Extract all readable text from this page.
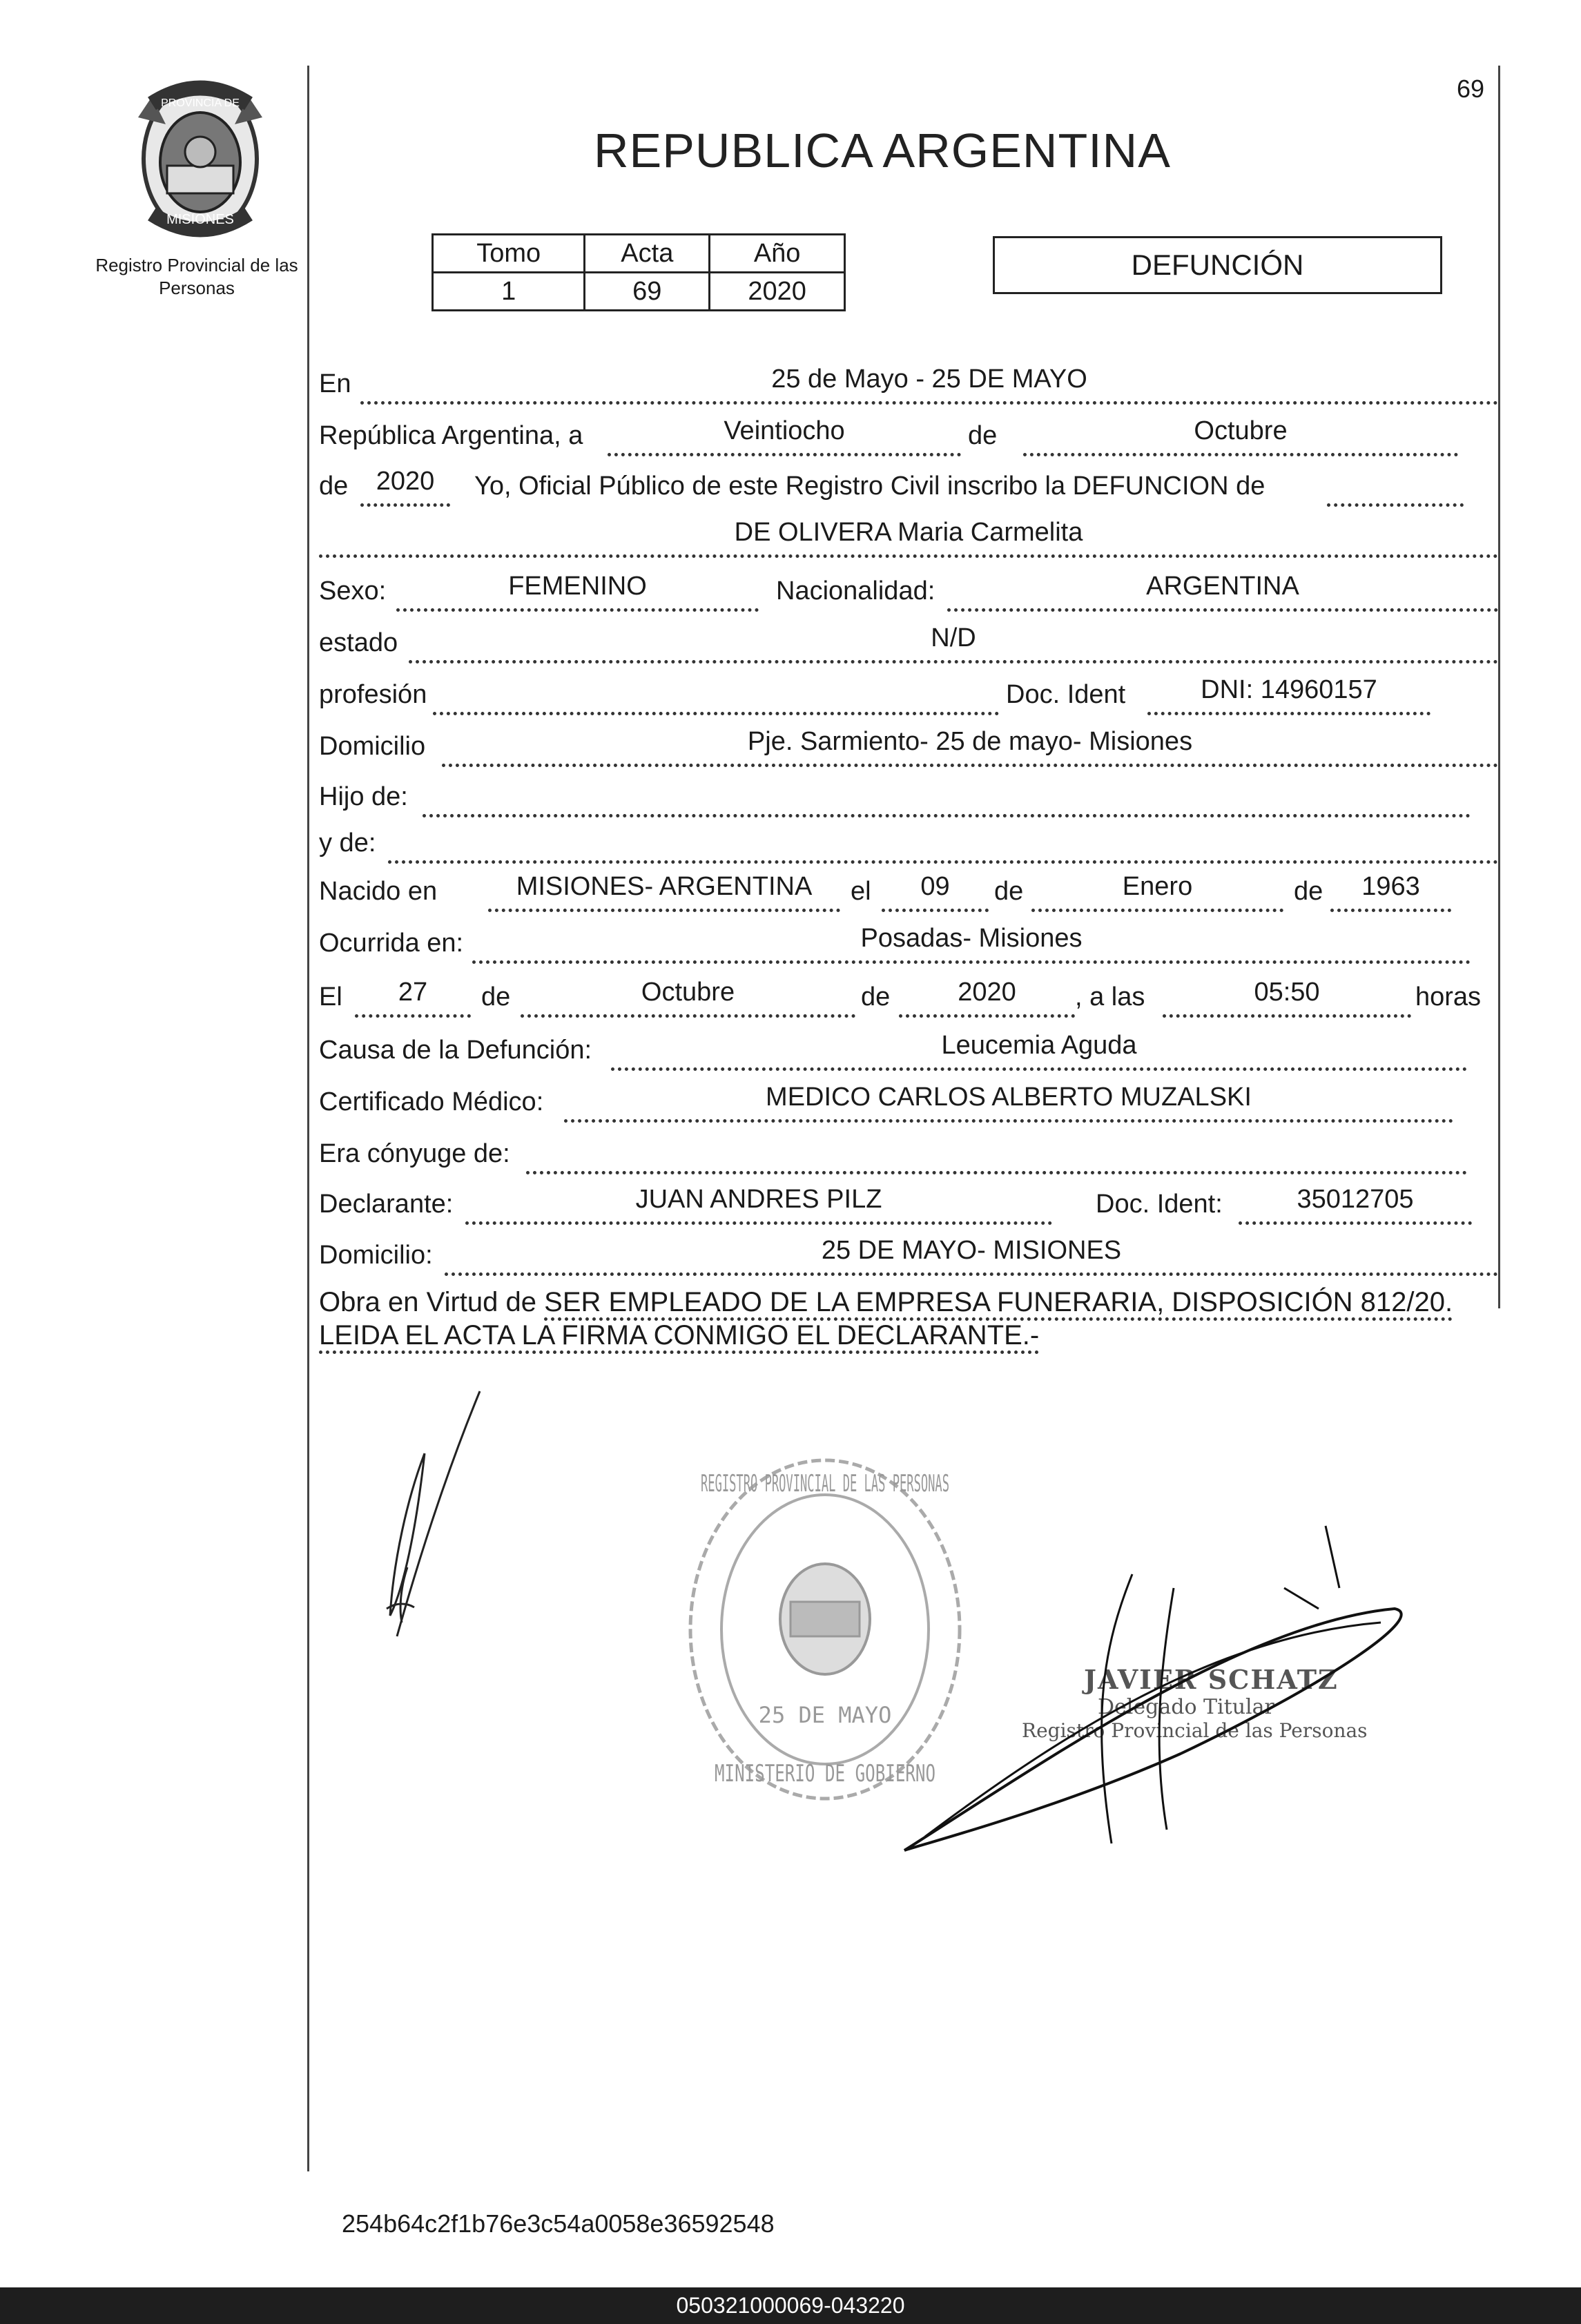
69
PROVINCIA DE
MISIONES
Registro Provincial de las Personas
REPUBLICA ARGENTINA
Tomo	Acta	Año
1	69	2020
DEFUNCIÓN
En	25 de Mayo - 25 DE MAYO
República Argentina, a	Veintiocho	de	Octubre
de	2020	Yo, Oficial Público de este Registro Civil inscribo la DEFUNCION de
DE OLIVERA Maria Carmelita
Sexo:	FEMENINO	Nacionalidad:	ARGENTINA
estado	N/D
profesión	Doc. Ident	DNI: 14960157
Domicilio	Pje. Sarmiento- 25 de mayo- Misiones
Hijo de:
y de:
Nacido en	MISIONES- ARGENTINA	el	09	de	Enero	de	1963
Ocurrida en:	Posadas- Misiones
El	27	de	Octubre	de	2020	, a las	05:50	horas
Causa de la Defunción:	Leucemia Aguda
Certificado Médico:	MEDICO CARLOS ALBERTO MUZALSKI
Era cónyuge de:
Declarante:	JUAN ANDRES PILZ	Doc. Ident:	35012705
Domicilio:	25 DE MAYO- MISIONES
Obra en Virtud de SER EMPLEADO DE LA EMPRESA FUNERARIA, DISPOSICIÓN 812/20.
LEIDA EL ACTA LA FIRMA CONMIGO EL DECLARANTE.-
REGISTRO PROVINCIAL DE LAS PERSONAS
MINISTERIO DE GOBIERNO
25 DE MAYO
JAVIER SCHATZ
Delegado Titular
Registro Provincial de las Personas
254b64c2f1b76e3c54a0058e36592548
050321000069-043220
